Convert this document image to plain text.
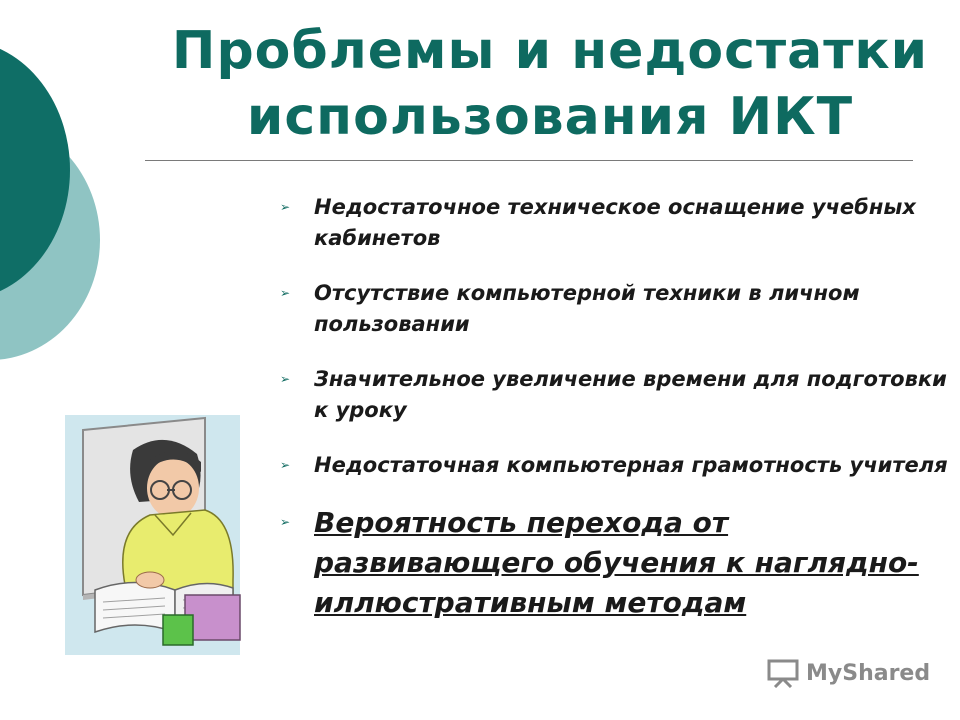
Проблемы и недостатки
использования ИКТ
➢ Недостаточное техническое оснащение учебных кабинетов
➢ Отсутствие компьютерной техники в личном пользовании
➢ Значительное увеличение времени для подготовки к уроку
➢ Недостаточная компьютерная грамотность учителя
➢ Вероятность перехода от развивающего обучения к наглядно-иллюстративным методам
MyShared
